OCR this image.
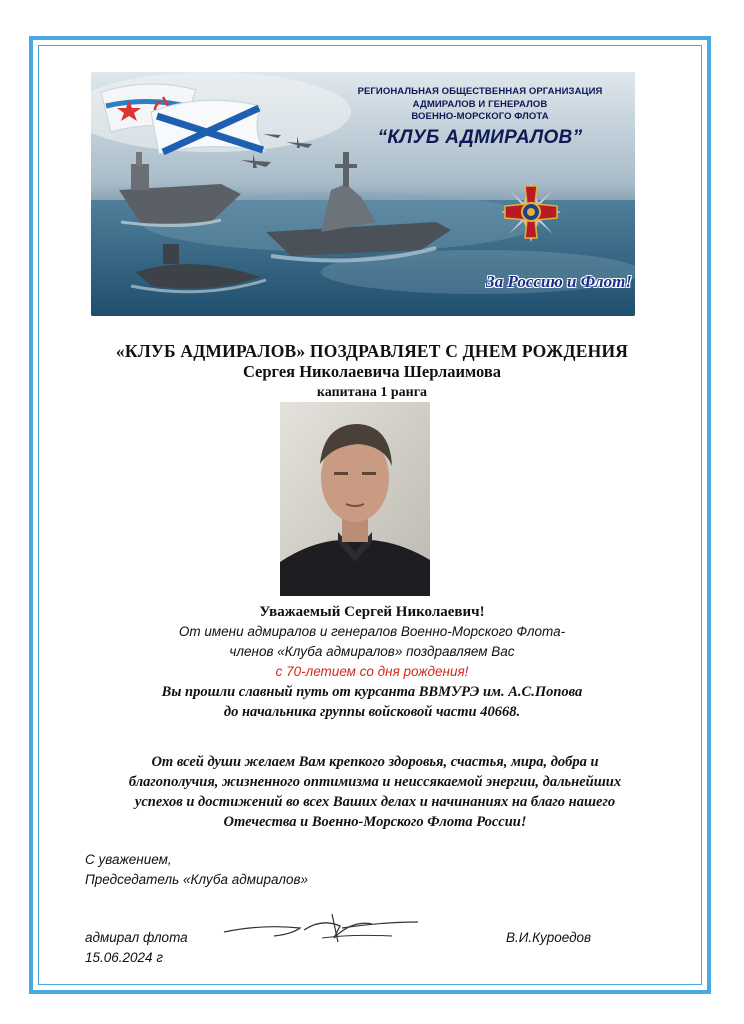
РЕГИОНАЛЬНАЯ ОБЩЕСТВЕННАЯ ОРГАНИЗАЦИЯ
АДМИРАЛОВ И ГЕНЕРАЛОВ
ВОЕННО-МОРСКОГО ФЛОТА
“КЛУБ АДМИРАЛОВ”
За Россию и Флот!
«КЛУБ АДМИРАЛОВ» ПОЗДРАВЛЯЕТ С ДНЕМ РОЖДЕНИЯ
Сергея Николаевича Шерлаимова
капитана 1 ранга
Уважаемый Сергей Николаевич!
От имени адмиралов и генералов Военно-Морского Флота-
членов «Клуба адмиралов» поздравляем Вас
с 70-летием со дня рождения!
Вы прошли славный путь от курсанта ВВМУРЭ им. А.С.Попова
до начальника группы войсковой части 40668.
От всей души желаем Вам крепкого здоровья, счастья, мира, добра и
благополучия, жизненного оптимизма и неиссякаемой энергии, дальнейших
успехов и достижений во всех Ваших делах и начинаниях на благо нашего
Отечества и Военно-Морского Флота России!
С уважением,
Председатель «Клуба адмиралов»
адмирал флота
15.06.2024 г
В.И.Куроедов
